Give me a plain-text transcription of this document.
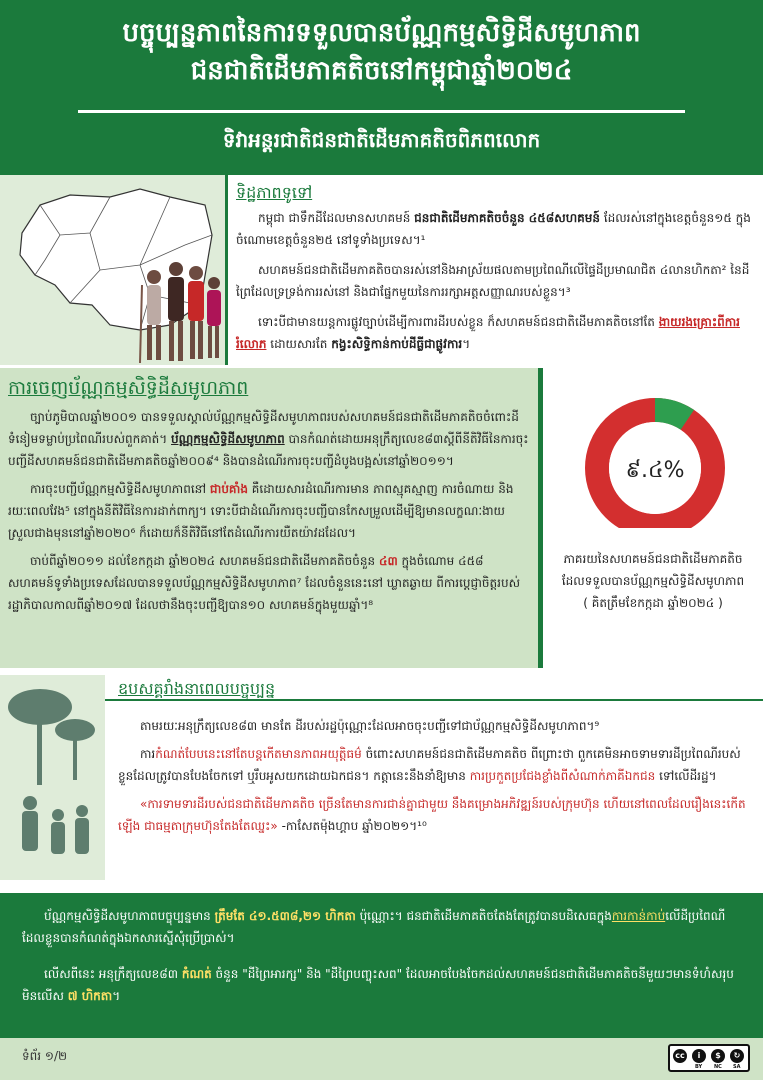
បច្ចុប្បន្នភាពនៃការទទួលបានប័ណ្ណកម្មសិទ្ធិដីសមូហភាព
ជនជាតិដើមភាគតិចនៅកម្ពុជាឆ្នាំ២០២៤
ទិវាអន្តរជាតិជនជាតិដើមភាគតិចពិភពលោក
ទិដ្ឋភាពទូទៅ

កម្ពុជា ជាទឹកដីដែលមានសហគមន៍ ជនជាតិដើមភាគតិចចំនួន ៤៥៨សហគមន៍ ដែលរស់នៅក្នុងខេត្តចំនួន១៥ ក្នុងចំណោមខេត្តចំនួន២៥ នៅទូទាំងប្រទេស។¹

សហគមន៍ជនជាតិដើមភាគតិចបានរស់នៅនិងអាស្រ័យផលតាមប្រពៃណីលើផ្ទៃដីប្រមាណជិត ៤លានហិកតា² នៃដីព្រៃដែលទ្រទ្រង់ការរស់នៅ និងជាផ្នែកមួយនៃការរក្សាអត្តសញ្ញាណរបស់ខ្លួន។³

ទោះបីជាមានយន្តការផ្លូវច្បាប់ដើម្បីការពារដីរបស់ខ្លួន ក៏សហគមន៍ជនជាតិដើមភាគតិចនៅតែ ងាយរងគ្រោះពីការរំលោភ ដោយសារតែ កង្វះសិទ្ធិកាន់កាប់ដីធ្លីជាផ្លូវការ។

ការចេញប័ណ្ណកម្មសិទ្ធិដីសមូហភាព

ច្បាប់ភូមិបាលឆ្នាំ២០០១ បានទទួលស្គាល់ប័ណ្ណកម្មសិទ្ធិដីសមូហភាពរបស់សហគមន៍ជនជាតិដើមភាគតិចចំពោះដីទំនៀមទម្លាប់ប្រពៃណីរបស់ពួកគាត់។ ប័ណ្ណកម្មសិទ្ធិដីសមូហភាព បានកំណត់ដោយអនុក្រឹត្យលេខ៨៣ស្តីពីនីតិវិធីនៃការចុះបញ្ជីដីសហគមន៍ជនជាតិដើមភាគតិចឆ្នាំ២០០៩⁴ និងបានដំណើរការចុះបញ្ជីដំបូងបង្អស់នៅឆ្នាំ២០១១។

ការចុះបញ្ជីប័ណ្ណកម្មសិទ្ធិដីសមូហភាពនៅ ជាប់គាំង គឺដោយសារដំណើរការមាន ភាពស្មុគស្មាញ ការចំណាយ និង រយៈពេលវែង⁵ នៅក្នុងនីតិវិធីនៃការដាក់ពាក្យ។ ទោះបីជាដំណើរការចុះបញ្ជីបានកែសម្រួលដើម្បីឱ្យមានលក្ខណៈងាយស្រួលជាងមុននៅឆ្នាំ២០២០⁶ ក៏ដោយក៏នីតិវិធីនៅតែដំណើរការយឺតយ៉ាវដដែល។

ចាប់ពីឆ្នាំ២០១១ ដល់ខែកក្កដា ឆ្នាំ២០២៤ សហគមន៍ជនជាតិដើមភាគតិចចំនួន ៤៣ ក្នុងចំណោម ៤៥៨ សហគមន៍ទូទាំងប្រទេសដែលបានទទួលប័ណ្ណកម្មសិទ្ធិដីសមូហភាព⁷ ដែលចំនួននេះនៅ ឃ្លាតឆ្ងាយ ពីការប្តេជ្ញាចិត្តរបស់រដ្ឋាភិបាលកាលពីឆ្នាំ២០១៧ ដែលថានឹងចុះបញ្ជីឱ្យបាន១០ សហគមន៍ក្នុងមួយឆ្នាំ។⁸

៩.៤%
ភាគរយនៃសហគមន៍ជនជាតិដើមភាគតិចដែលទទួលបានប័ណ្ណកម្មសិទ្ធិដីសមូហភាព ( គិតត្រឹមខែកក្កដា ឆ្នាំ២០២៤ )
ឧបសគ្គរាំងនាពេលបច្ចុប្បន្ន

តាមរយៈអនុក្រឹត្យលេខ៨៣ មានតែ ដីរបស់រដ្ឋប៉ុណ្ណោះដែលអាចចុះបញ្ជីទៅជាប័ណ្ណកម្មសិទ្ធិដីសមូហភាព។⁹

ការកំណត់បែបនេះនៅតែបន្តកើតមានភាពអយុត្តិធម៌ ចំពោះសហគមន៍ជនជាតិដើមភាគតិច ពីព្រោះថា ពួកគេមិនអាចទាមទារដីប្រពៃណីរបស់ខ្លួនដែលត្រូវបានបែងចែកទៅ ឬរឹបអូសយកដោយឯកជន។ កត្តានេះនឹងនាំឱ្យមាន ការប្រកួតប្រជែងខ្លាំងពីសំណាក់ភាគីឯកជន ទៅលើដីរដ្ឋ។

«ការទាមទារដីរបស់ជនជាតិដើមភាគតិច ច្រើនតែមានការជាន់គ្នាជាមួយ នឹងគម្រោងអភិវឌ្ឍន៍របស់ក្រុមហ៊ុន ហើយនៅពេលដែលរឿងនេះកើតឡើង ជាធម្មតាក្រុមហ៊ុនតែងតែឈ្នះ» -កាសែតម៉ុងហ្គាប ឆ្នាំ២០២១។¹⁰

ប័ណ្ណកម្មសិទ្ធិដីសមូហភាពបច្ចុប្បន្នមាន ត្រឹមតែ ៤១.៥៣៨,២១ ហិកតា ប៉ុណ្ណោះ។ ជនជាតិដើមភាគតិចតែងតែត្រូវបានបដិសេធក្នុងការកាន់កាប់លើដីប្រពៃណីដែលខ្លួនបានកំណត់ក្នុងឯកសារស្នើសុំប្រើប្រាស់។

លើសពីនេះ អនុក្រឹត្យលេខ៨៣ កំណត់ ចំនួន "ដីព្រៃអារក្ស" និង "ដីព្រៃបញ្ចុះសព" ដែលអាចបែងចែកដល់សហគមន៍ជនជាតិដើមភាគតិចនីមួយៗមានទំហំសរុបមិនលើស ៧ ហិកតា។

ទំព័រ ១/២	cc	i	$	↻
BY NC SA
